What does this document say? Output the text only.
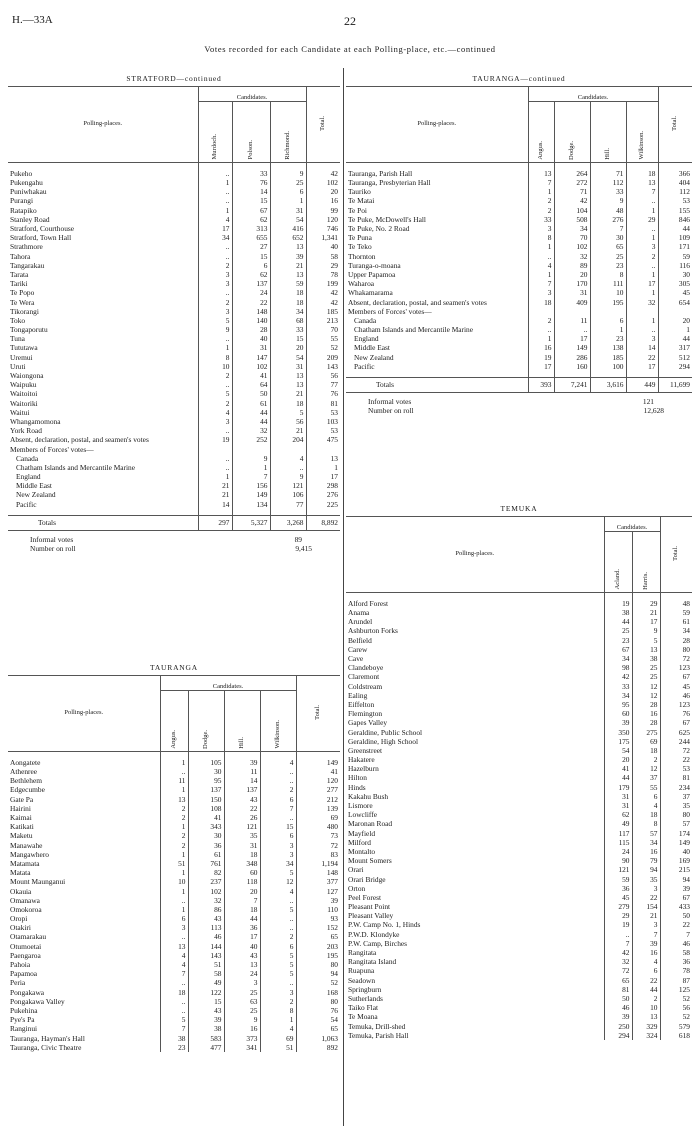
H.—33A	22
Votes recorded for each Candidate at each Polling-place, etc.—continued
STRATFORD—continued
Polling-places.	Candidates.			Total.
	Murdoch.	Polson.	Richmond.	

Pukeho	..	33	9	42
Pukengahu	1	76	25	102
Puniwhakau	..	14	6	20
Purangi	..	15	1	16
Ratapiko	1	67	31	99
Stanley Road	4	62	54	120
Stratford, Courthouse	17	313	416	746
Stratford, Town Hall	34	655	652	1,341
Strathmore	..	27	13	40
Tahora	..	15	39	58
Tangarakau	2	6	21	29
Tarata	3	62	13	78
Tariki	3	137	59	199
Te Popo	..	24	18	42
Te Wera	2	22	18	42
Tikorangi	3	148	34	185
Toko	5	140	68	213
Tongaporutu	9	28	33	70
Tuna	..	40	15	55
Tututawa	1	31	20	52
Uremui	8	147	54	209
Uruti	10	102	31	143
Waiongona	2	41	13	56
Waipuku	..	64	13	77
Waitoitoi	5	50	21	76
Waitoriki	2	61	18	81
Waitui	4	44	5	53
Whangamomona	3	44	56	103
York Road	..	32	21	53
Absent, declaration, postal, and seamen's votes	19	252	204	475
Members of Forces' votes—				
Canada	..	9	4	13
Chatham Islands and Mercantile Marine	..	1	..	1
England	1	7	9	17
Middle East	21	156	121	298
New Zealand	21	149	106	276
Pacific	14	134	77	225

Totals	297	5,327	3,268	8,892
Informal votes	89			
Number on roll	9,415			
TAURANGA
Polling-places.	Candidates.				Total.
	Angus.	Dodge.	Hill.	Wilkinson.	

Aongatete	1	105	39	4	149
Athenree	..	30	11	..	41
Bethlehem	11	95	14	..	120
Edgecumbe	1	137	137	2	277
Gate Pa	13	150	43	6	212
Hairini	2	108	22	7	139
Kaimai	2	41	26	..	69
Katikati	1	343	121	15	480
Maketu	2	30	35	6	73
Manawahe	2	36	31	3	72
Mangawhero	1	61	18	3	83
Matamata	51	761	348	34	1,194
Matata	1	82	60	5	148
Mount Maunganui	10	237	118	12	377
Okauia	1	102	20	4	127
Omanawa	..	32	7	..	39
Omokoroa	1	86	18	5	110
Oropi	6	43	44	..	93
Otakiri	3	113	36	..	152
Otamarakau	..	46	17	2	65
Otumoetai	13	144	40	6	203
Paengaroa	4	143	43	5	195
Pahoia	4	51	13	5	80
Papamoa	7	58	24	5	94
Peria	..	49	3	..	52
Pongakawa	18	122	25	3	168
Pongakawa Valley	..	15	63	2	80
Pukehina	..	43	25	8	76
Pye's Pa	5	39	9	1	54
Ranginui	7	38	16	4	65
Tauranga, Hayman's Hall	38	583	373	69	1,063
Tauranga, Civic Theatre	23	477	341	51	892
TAURANGA—continued
Polling-places.	Candidates.				Total.
	Angus.	Dodge.	Hill.	Wilkinson.	

Tauranga, Parish Hall	13	264	71	18	366
Tauranga, Presbyterian Hall	7	272	112	13	404
Tauriko	1	71	33	7	112
Te Matai	2	42	9	..	53
Te Poi	2	104	48	1	155
Te Puke, McDowell's Hall	33	508	276	29	846
Te Puke, No. 2 Road	3	34	7	..	44
Te Puna	8	70	30	1	109
Te Teko	1	102	65	3	171
Thornton	..	32	25	2	59
Turanga-o-moana	4	89	23	..	116
Upper Papamoa	1	20	8	1	30
Waharoa	7	170	111	17	305
Whakamarama	3	31	10	1	45
Absent, declaration, postal, and seamen's votes	18	409	195	32	654
Members of Forces' votes—					
Canada	2	11	6	1	20
Chatham Islands and Mercantile Marine	..	..	1	..	1
England	1	17	23	3	44
Middle East	16	149	138	14	317
New Zealand	19	286	185	22	512
Pacific	17	160	100	17	294

Totals	393	7,241	3,616	449	11,699
Informal votes	121				
Number on roll	12,628				
TEMUKA
Polling-places.	Candidates.		Total.
	Acland.	Harris.	

Alford Forest	19	29	48
Anama	38	21	59
Arundel	44	17	61
Ashburton Forks	25	9	34
Belfield	23	5	28
Carew	67	13	80
Cave	34	38	72
Clandeboye	98	25	123
Claremont	42	25	67
Coldstream	33	12	45
Ealing	34	12	46
Eiffelton	95	28	123
Flemington	60	16	76
Gapes Valley	39	28	67
Geraldine, Public School	350	275	625
Geraldine, High School	175	69	244
Greenstreet	54	18	72
Hakatere	20	2	22
Hazelburn	41	12	53
Hilton	44	37	81
Hinds	179	55	234
Kakahu Bush	31	6	37
Lismore	31	4	35
Lowcliffe	62	18	80
Maronan Road	49	8	57
Mayfield	117	57	174
Milford	115	34	149
Montalto	24	16	40
Mount Somers	90	79	169
Orari	121	94	215
Orari Bridge	59	35	94
Orton	36	3	39
Peel Forest	45	22	67
Pleasant Point	279	154	433
Pleasant Valley	29	21	50
P.W. Camp No. 1, Hinds	19	3	22
P.W.D. Klondyke	..	7	7
P.W. Camp, Birches	7	39	46
Rangitata	42	16	58
Rangitata Island	32	4	36
Ruapuna	72	6	78
Seadown	65	22	87
Springburn	81	44	125
Sutherlands	50	2	52
Taiko Flat	46	10	56
Te Moana	39	13	52
Temuka, Drill-shed	250	329	579
Temuka, Parish Hall	294	324	618
